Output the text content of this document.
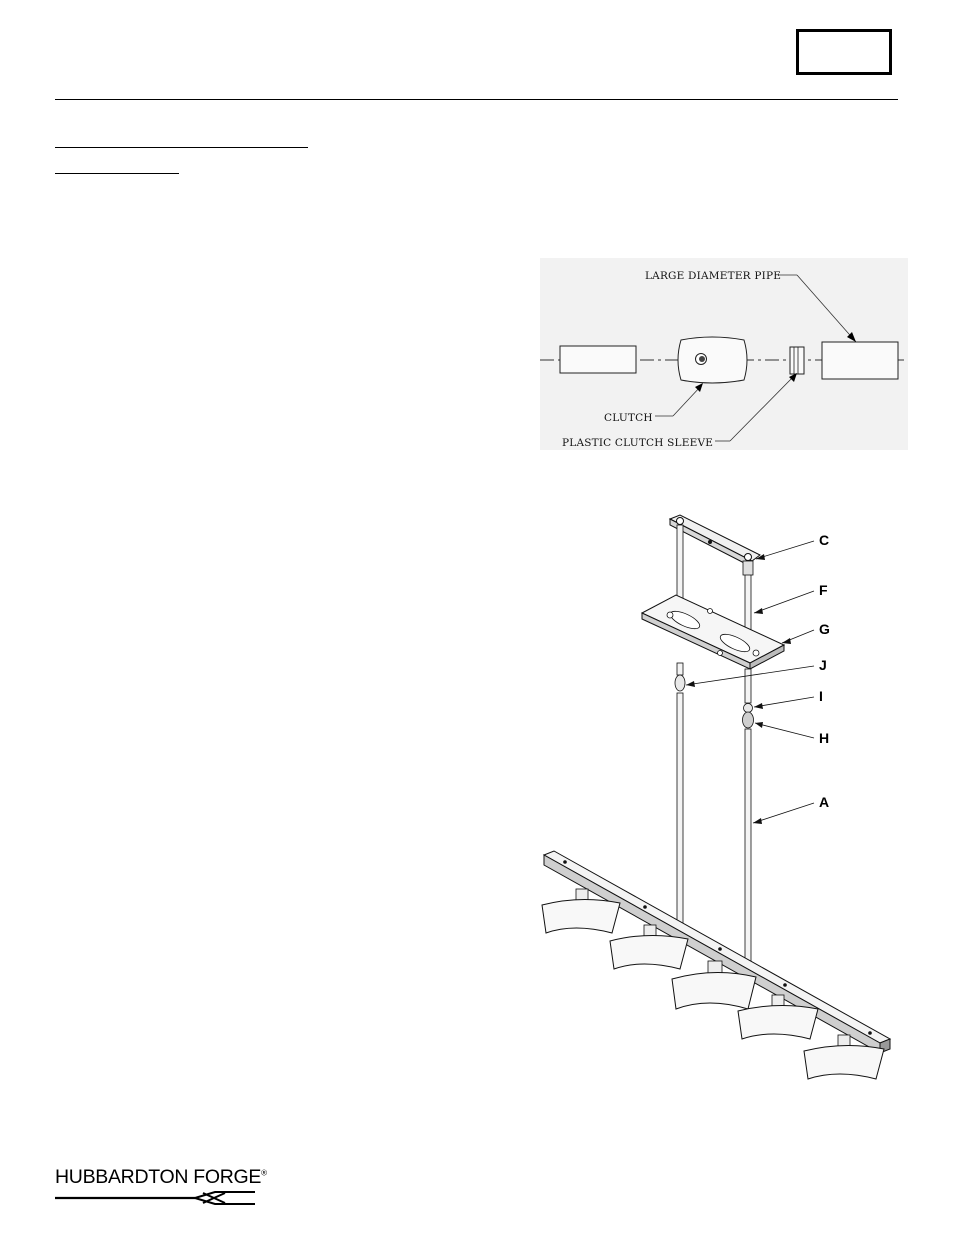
LARGE DIAMETER PIPE
CLUTCH
PLASTIC CLUTCH SLEEVE
C
F
G
J
I
H
A
HUBBARDTON FORGE®
